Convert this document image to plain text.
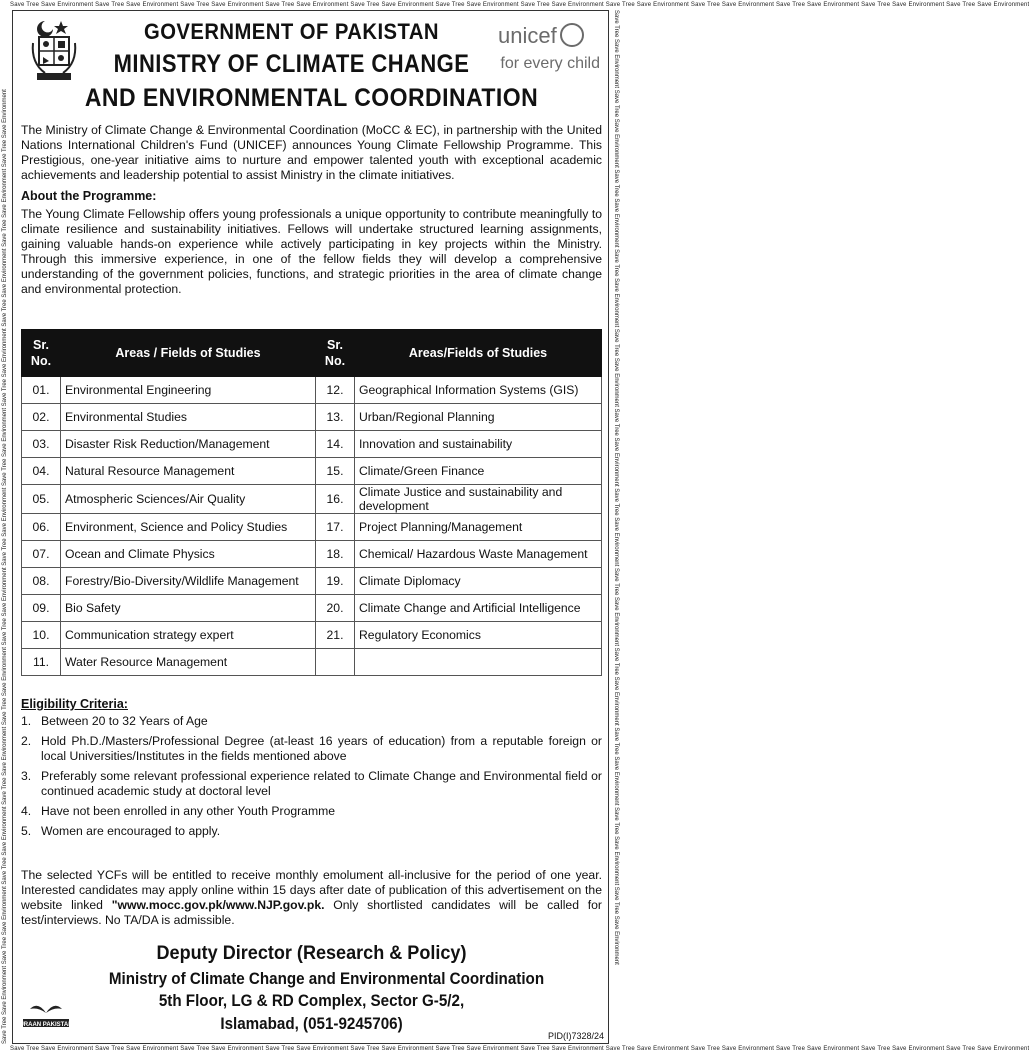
Save Tree Save Environment Save Tree Save Environment Save Tree Save Environment Save Tree Save Environment Save Tree Save Environment Save Tree Save Environment Save Tree Save Environment Save Tree Save Environment Save Tree Save Environment Save Tree Save Environment Save Tree Save Environment Save Tree Save Environment
Save Tree Save Environment Save Tree Save Environment Save Tree Save Environment Save Tree Save Environment Save Tree Save Environment Save Tree Save Environment Save Tree Save Environment Save Tree Save Environment Save Tree Save Environment Save Tree Save Environment Save Tree Save Environment Save Tree Save Environment
Save Tree Save Environment Save Tree Save Environment Save Tree Save Environment Save Tree Save Environment Save Tree Save Environment Save Tree Save Environment Save Tree Save Environment Save Tree Save Environment Save Tree Save Environment Save Tree Save Environment Save Tree Save Environment Save Tree Save Environment	Save Tree Save Environment Save Tree Save Environment Save Tree Save Environment Save Tree Save Environment Save Tree Save Environment Save Tree Save Environment Save Tree Save Environment Save Tree Save Environment Save Tree Save Environment Save Tree Save Environment Save Tree Save Environment Save Tree Save Environment
GOVERNMENT OF PAKISTAN
MINISTRY OF CLIMATE CHANGE
AND ENVIRONMENTAL COORDINATION
unicef
for every child
The Ministry of Climate Change & Environmental Coordination (MoCC & EC), in partnership with the United Nations International Children's Fund (UNICEF) announces Young Climate Fellowship Programme. This Prestigious, one-year initiative aims to nurture and empower talented youth with exceptional academic achievements and leadership potential to assist Ministry in the climate initiatives.
About the Programme:
The Young Climate Fellowship offers young professionals a unique opportunity to contribute meaningfully to climate resilience and sustainability initiatives. Fellows will undertake structured learning assignments, gaining valuable hands-on experience while actively participating in key projects within the Ministry. Through this immersive experience, in one of the fellow fields they will develop a comprehensive understanding of the government policies, functions, and strategic priorities in the area of climate change and environmental protection.
Sr. No.	Areas / Fields of Studies	Sr. No.	Areas/Fields of Studies
01.	Environmental Engineering	12.	Geographical Information Systems (GIS)
02.	Environmental Studies	13.	Urban/Regional Planning
03.	Disaster Risk Reduction/Management	14.	Innovation and sustainability
04.	Natural Resource Management	15.	Climate/Green Finance
05.	Atmospheric Sciences/Air Quality	16.	Climate Justice and sustainability and development
06.	Environment, Science and Policy Studies	17.	Project Planning/Management
07.	Ocean and Climate Physics	18.	Chemical/ Hazardous Waste Management
08.	Forestry/Bio-Diversity/Wildlife Management	19.	Climate Diplomacy
09.	Bio Safety	20.	Climate Change and Artificial Intelligence
10.	Communication strategy expert	21.	Regulatory Economics
11.	Water Resource Management		
Eligibility Criteria:
1. Between 20 to 32 Years of Age
2. Hold Ph.D./Masters/Professional Degree (at-least 16 years of education) from a reputable foreign or local Universities/Institutes in the fields mentioned above
3. Preferably some relevant professional experience related to Climate Change and Environmental field or continued academic study at doctoral level
4. Have not been enrolled in any other Youth Programme
5. Women are encouraged to apply.
The selected YCFs will be entitled to receive monthly emolument all-inclusive for the period of one year. Interested candidates may apply online within 15 days after date of publication of this advertisement on the website linked "www.mocc.gov.pk/www.NJP.gov.pk. Only shortlisted candidates will be called for test/interviews. No TA/DA is admissible.
Deputy Director (Research & Policy)
Ministry of Climate Change and Environmental Coordination
5th Floor, LG & RD Complex, Sector G-5/2,
Islamabad, (051-9245706)
URAAN PAKISTAN
PID(I)7328/24
